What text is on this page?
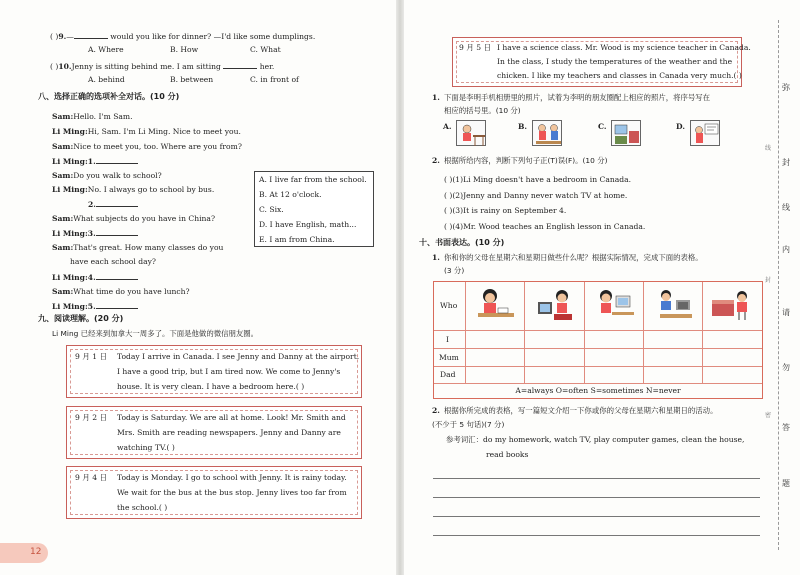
( )9.—	would you like for dinner? —I'd like some dumplings.
A. Where	B. How	C. What
( )10.Jenny is sitting behind me. I am sitting	her.
A. behind	B. between	C. in front of
八、选择正确的选项补全对话。(10 分)
Sam:Hello. I'm Sam.
Li Ming:Hi, Sam. I'm Li Ming. Nice to meet you.
Sam:Nice to meet you, too. Where are you from?
Li Ming:1.
Sam:Do you walk to school?
Li Ming:No. I always go to school by bus.
2.
Sam:What subjects do you have in China?
Li Ming:3.
Sam:That's great. How many classes do you
have each school day?
Li Ming:4.
Sam:What time do you have lunch?
Li Ming:5.
A. I live far from the school.
B. At 12 o'clock.
C. Six.
D. I have English, math...
E. I am from China.
九、阅读理解。(20 分)
Li Ming 已经来到加拿大一周多了。下面是他做的微信朋友圈。
9 月 1 日 Today I arrive in Canada. I see Jenny and Danny at the airport.
I have a good trip, but I am tired now. We come to Jenny's
house. It is very clean. I have a bedroom here.( )
9 月 2 日 Today is Saturday. We are all at home. Look! Mr. Smith and
Mrs. Smith are reading newspapers. Jenny and Danny are
watching TV.( )
9 月 4 日 Today is Monday. I go to school with Jenny. It is rainy today.
We wait for the bus at the bus stop. Jenny lives too far from
the school.( )
12
9 月 5 日 I have a science class. Mr. Wood is my science teacher in Canada.
In the class, I study the temperatures of the weather and the
chicken. I like my teachers and classes in Canada very much.( )
1. 下面是李明手机相册里的照片，试着为李明的朋友圈配上相应的照片，将序号写在
相应的括号里。(10 分)
A.	B.	C.	D.
2. 根据所给内容，判断下列句子正(T)误(F)。(10 分)
( )(1)Li Ming doesn't have a bedroom in Canada.
( )(2)Jenny and Danny never watch TV at home.
( )(3)It is rainy on September 4.
( )(4)Mr. Wood teaches an English lesson in Canada.
十、书面表达。(10 分)
1. 你和你的父母在星期六和星期日做些什么呢？根据实际情况，完成下面的表格。
(3 分)
Who
I
Mum
Dad
A=always O=often S=sometimes N=never
2. 根据你所完成的表格，写一篇短文介绍一下你或你的父母在星期六和星期日的活动。
(不少于 5 句话)(7 分)
参考词汇：do my homework, watch TV, play computer games, clean the house,
read books
弥
封
线
内
请
勿
答
题
线
封
密
